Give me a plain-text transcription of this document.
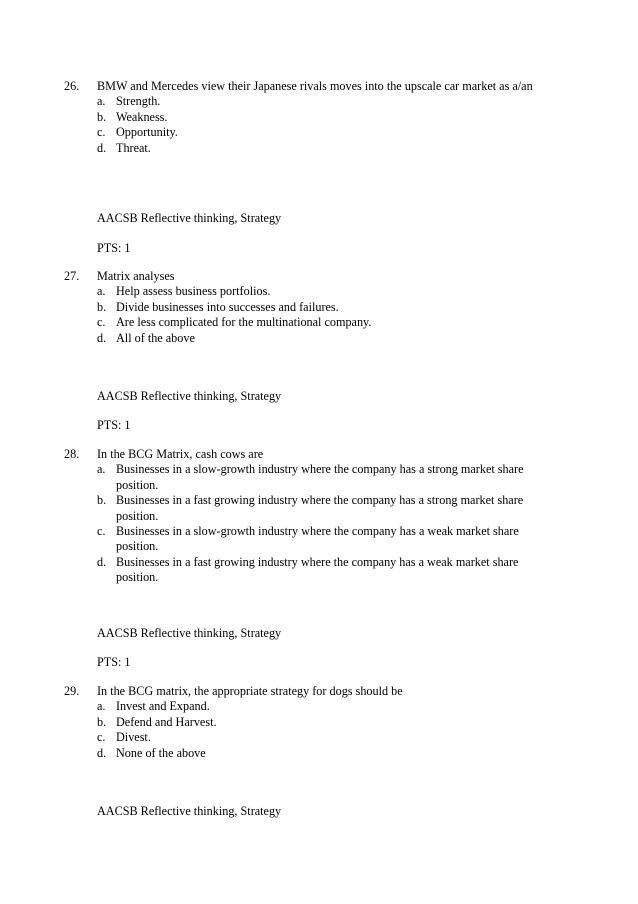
26.	BMW and Mercedes view their Japanese rivals moves into the upscale car market as a/an
a. Strength.
b. Weakness.
c. Opportunity.
d. Threat.
AACSB Reflective thinking, Strategy
PTS: 1
27.	Matrix analyses
a. Help assess business portfolios.
b. Divide businesses into successes and failures.
c. Are less complicated for the multinational company.
d. All of the above
AACSB Reflective thinking, Strategy
PTS: 1
28.	In the BCG Matrix, cash cows are
a. Businesses in a slow-growth industry where the company has a strong market share position.
b. Businesses in a fast growing industry where the company has a strong market share position.
c. Businesses in a slow-growth industry where the company has a weak market share position.
d. Businesses in a fast growing industry where the company has a weak market share position.
AACSB Reflective thinking, Strategy
PTS: 1
29.	In the BCG matrix, the appropriate strategy for dogs should be
a. Invest and Expand.
b. Defend and Harvest.
c. Divest.
d. None of the above
AACSB Reflective thinking, Strategy
